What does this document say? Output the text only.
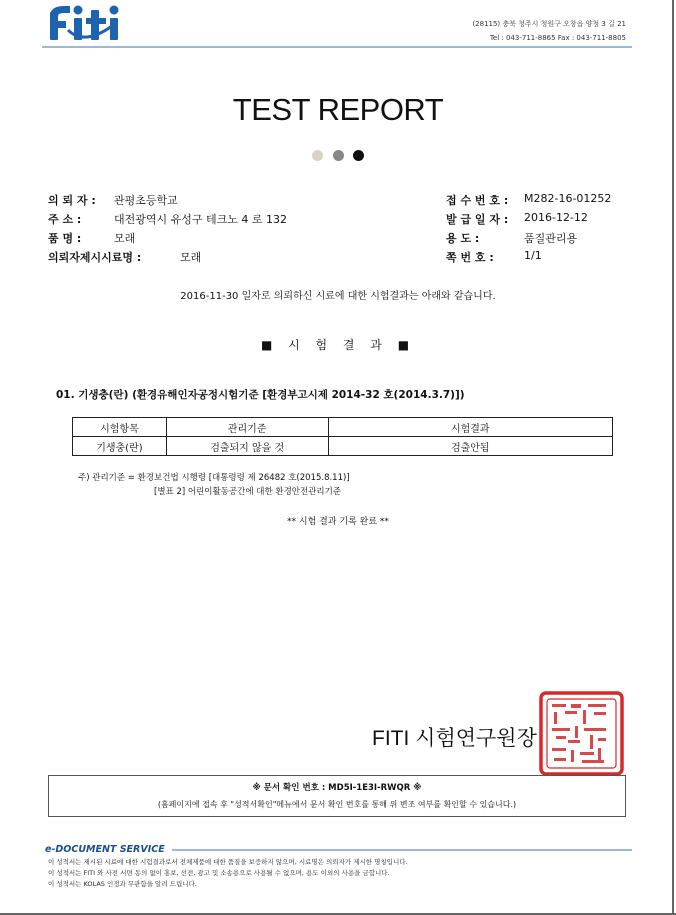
(28115) 충북 청주시 청원구 오창읍 양청 3 길 21
Tel : 043-711-8865 Fax : 043-711-8805
TEST REPORT
의 뢰 자 : 관평초등학교
주 소 :	대전광역시 유성구 테크노 4 로 132
품 명 :	모래
의뢰자제시시료명 :	모래
접 수 번 호 : M282-16-01252
발 급 일 자 : 2016-12-12
용 도 :	품질관리용
쪽 번 호 :	1/1
2016-11-30 일자로 의뢰하신 시료에 대한 시험결과는 아래와 같습니다.
■ 시 험 결 과 ■
01. 기생충(란) (환경유해인자공정시험기준 [환경부고시제 2014-32 호(2014.3.7)])
시험항목	관리기준	시험결과
기생충(란)	검출되지 않을 것	검출안됨
주) 관리기준 = 환경보건법 시행령 [대통령령 제 26482 호(2015.8.11)]
[별표 2] 어린이활동공간에 대한 환경안전관리기준
** 시험 결과 기록 완료 **
FITI 시험연구원장
※ 문서 확인 번호 : MD5I-1E3I-RWQR ※
(홈페이지에 접속 후 "성적서확인"메뉴에서 문서 확인 번호를 통해 위 변조 여부를 확인할 수 있습니다.)
e-DOCUMENT SERVICE
이 성적서는 제시된 시료에 대한 시험결과로서 전체제품에 대한 품질을 보증하지 않으며, 시료명은 의뢰자가 제시한 명칭입니다.
이 성적서는 FITI 와 사전 서면 동의 없이 홍보, 선전, 광고 및 소송용으로 사용될 수 없으며, 용도 이외의 사용을 금합니다.
이 성적서는 KOLAS 인정과 무관함을 알려 드립니다.
